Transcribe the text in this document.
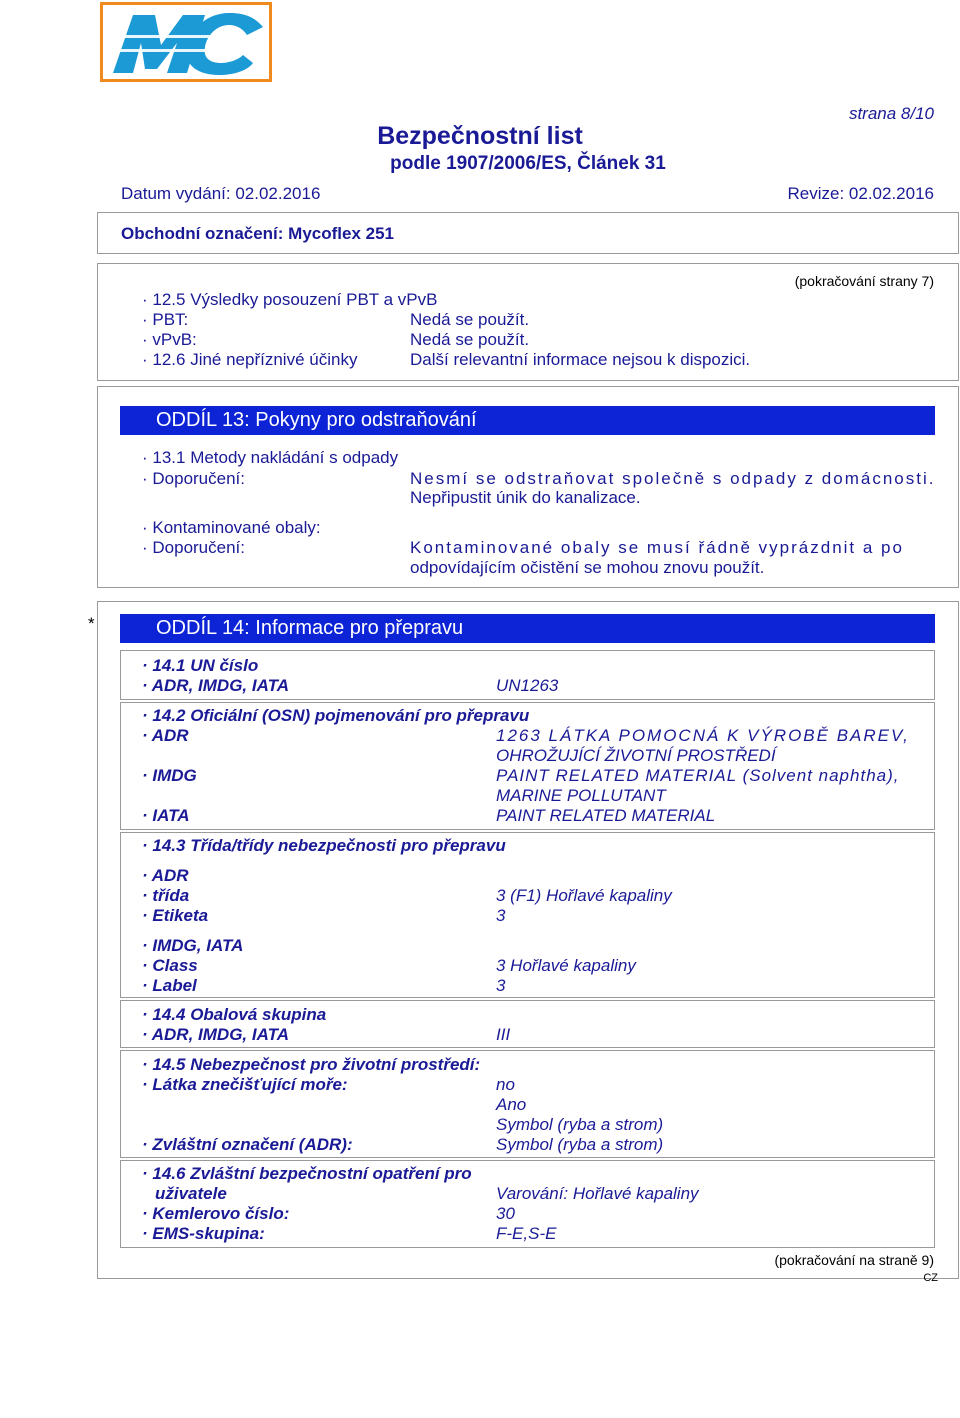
strana 8/10
Bezpečnostní list
podle 1907/2006/ES, Článek 31
Datum vydání: 02.02.2016	Revize: 02.02.2016
Obchodní označení: Mycoflex 251
(pokračování strany 7)
· 12.5 Výsledky posouzení PBT a vPvB
· PBT:	Nedá se použít.
· vPvB:	Nedá se použít.
· 12.6 Jiné nepříznivé účinky	Další relevantní informace nejsou k dispozici.
ODDÍL 13: Pokyny pro odstraňování
· 13.1 Metody nakládání s odpady
· Doporučení:	Nesmí se odstraňovat společně s odpady z domácnosti.
Nepřipustit únik do kanalizace.
· Kontaminované obaly:
· Doporučení:	Kontaminované obaly se musí řádně vyprázdnit a po
odpovídajícím očistění se mohou znovu použít.
*	ODDÍL 14: Informace pro přepravu
· 14.1 UN číslo
· ADR, IMDG, IATA	UN1263
· 14.2 Oficiální (OSN) pojmenování pro přepravu
· ADR	1263 LÁTKA POMOCNÁ K VÝROBĚ BAREV,
OHROŽUJÍCÍ ŽIVOTNÍ PROSTŘEDÍ
· IMDG	PAINT RELATED MATERIAL (Solvent naphtha),
MARINE POLLUTANT
· IATA	PAINT RELATED MATERIAL
· 14.3 Třída/třídy nebezpečnosti pro přepravu
· ADR
· třída	3 (F1) Hořlavé kapaliny
· Etiketa	3
· IMDG, IATA
· Class	3 Hořlavé kapaliny
· Label	3
· 14.4 Obalová skupina
· ADR, IMDG, IATA	III
· 14.5 Nebezpečnost pro životní prostředí:
· Látka znečišťující moře:	no
Ano
Symbol (ryba a strom)
· Zvláštní označení (ADR):	Symbol (ryba a strom)
· 14.6 Zvláštní bezpečnostní opatření pro
uživatele	Varování: Hořlavé kapaliny
· Kemlerovo číslo:	30
· EMS-skupina:	F-E,S-E
(pokračování na straně 9)
CZ
